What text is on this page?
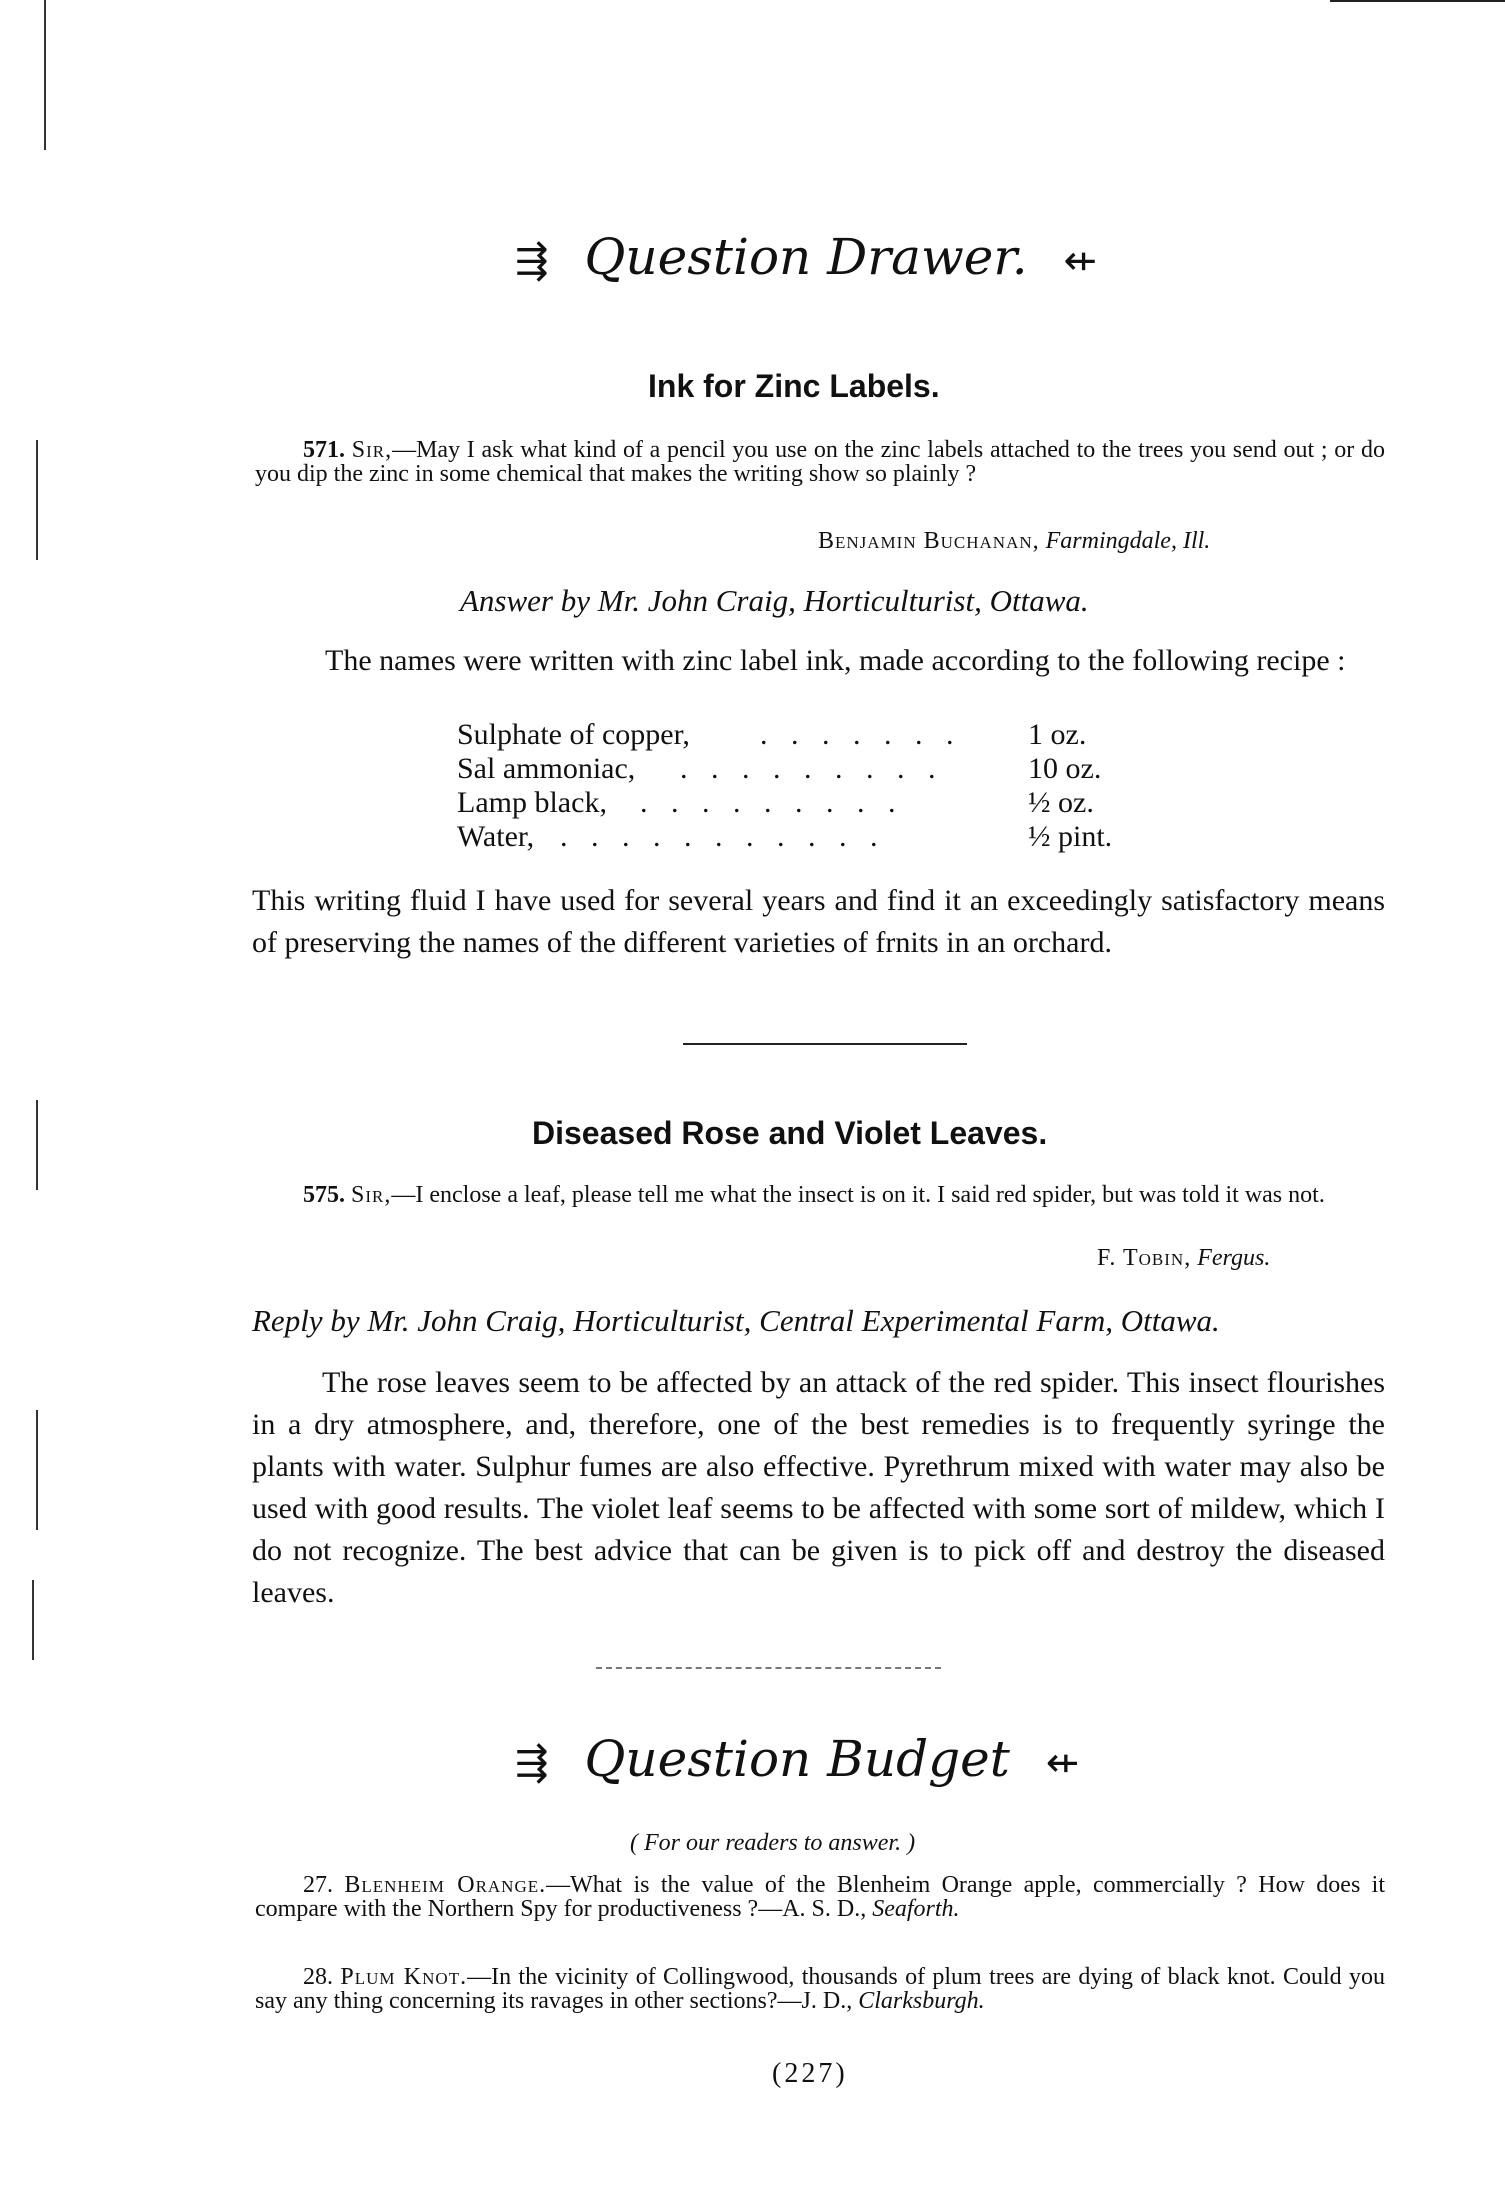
⇶ Question Drawer. ⇷
Ink for Zinc Labels.
571. Sir,—May I ask what kind of a pencil you use on the zinc labels attached to the trees you send out ; or do you dip the zinc in some chemical that makes the writing show so plainly ?
Benjamin Buchanan, Farmingdale, Ill.
Answer by Mr. John Craig, Horticulturist, Ottawa.
The names were written with zinc label ink, made according to the following recipe :
Sulphate of copper, . . . . . . . 1 oz.
Sal ammoniac, . . . . . . . . .	10 oz.
Lamp black, . . . . . . . . .	½ oz.
Water, . . . . . . . . . . .	½ pint.
This writing fluid I have used for several years and find it an exceedingly satisfactory means of preserving the names of the different varieties of frnits in an orchard.
Diseased Rose and Violet Leaves.
575. Sir,—I enclose a leaf, please tell me what the insect is on it. I said red spider, but was told it was not.
F. Tobin, Fergus.
Reply by Mr. John Craig, Horticulturist, Central Experimental Farm, Ottawa.
The rose leaves seem to be affected by an attack of the red spider. This insect flourishes in a dry atmosphere, and, therefore, one of the best remedies is to frequently syringe the plants with water. Sulphur fumes are also effective. Pyrethrum mixed with water may also be used with good results. The violet leaf seems to be affected with some sort of mildew, which I do not recognize. The best advice that can be given is to pick off and destroy the diseased leaves.
⇶ Question Budget ⇷
( For our readers to answer. )
27. Blenheim Orange.—What is the value of the Blenheim Orange apple, commercially ? How does it compare with the Northern Spy for productiveness ?—A. S. D., Seaforth.
28. Plum Knot.—In the vicinity of Collingwood, thousands of plum trees are dying of black knot. Could you say any thing concerning its ravages in other sections?—J. D., Clarksburgh.
(227)
